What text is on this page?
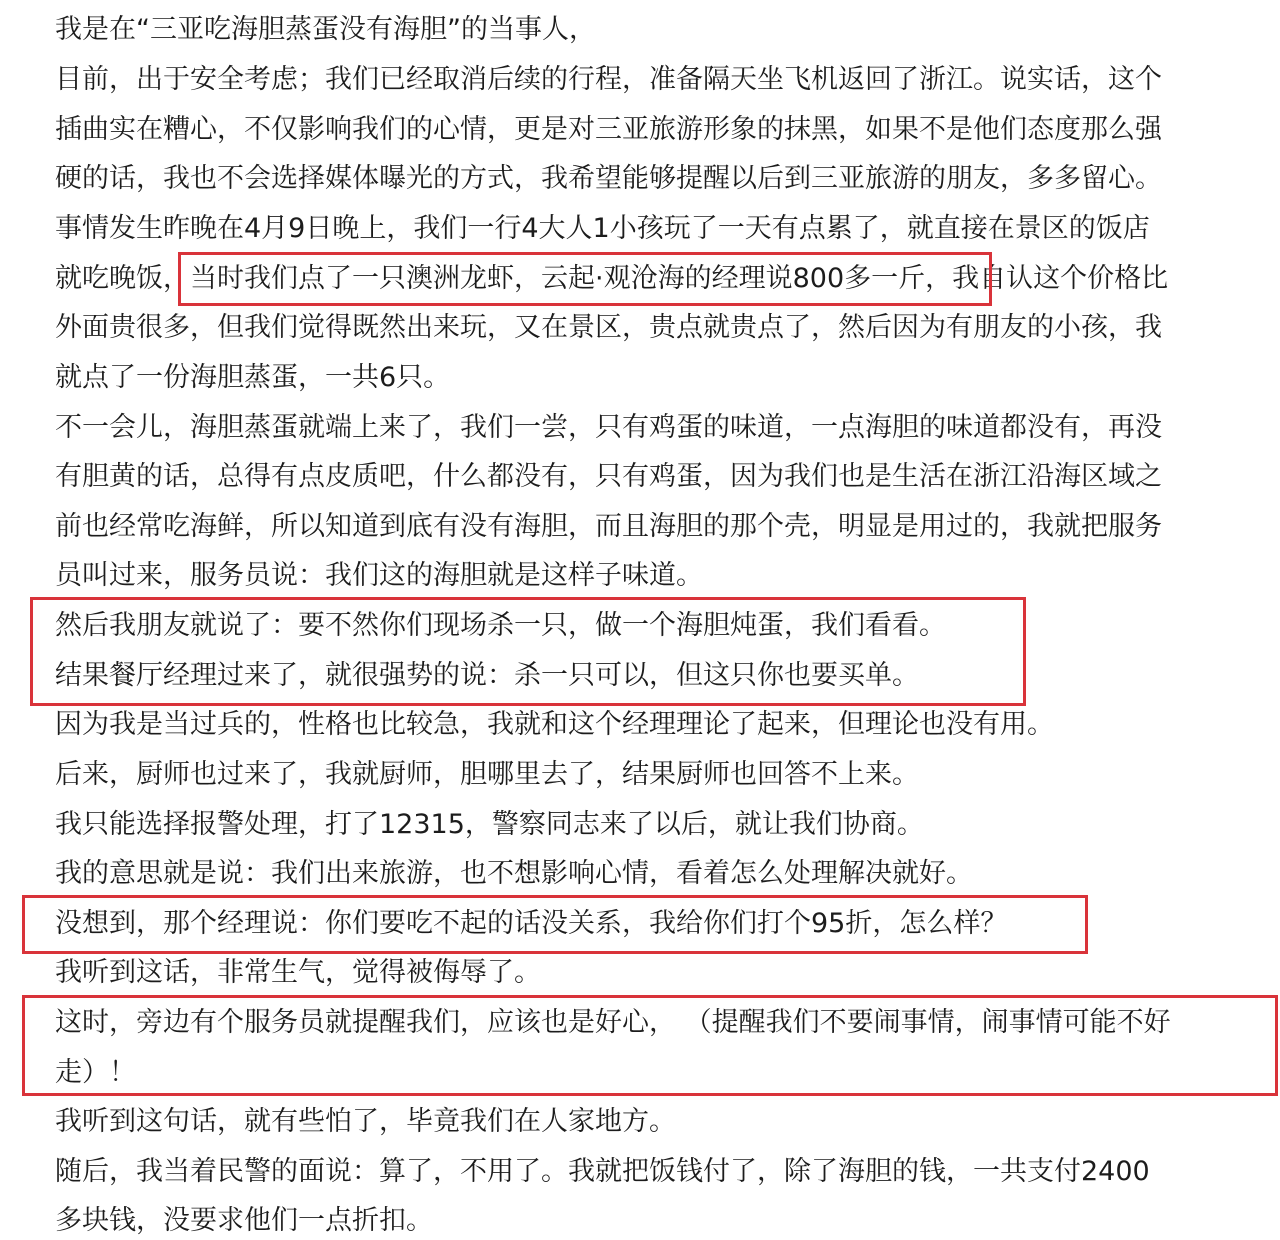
我是在“三亚吃海胆蒸蛋没有海胆”的当事人，
目前，出于安全考虑；我们已经取消后续的行程，准备隔天坐飞机返回了浙江。说实话，这个
插曲实在糟心，不仅影响我们的心情，更是对三亚旅游形象的抹黑，如果不是他们态度那么强
硬的话，我也不会选择媒体曝光的方式，我希望能够提醒以后到三亚旅游的朋友，多多留心。
事情发生昨晚在4月9日晚上，我们一行4大人1小孩玩了一天有点累了，就直接在景区的饭店
就吃晚饭，当时我们点了一只澳洲龙虾，云起·观沧海的经理说800多一斤，我自认这个价格比
外面贵很多，但我们觉得既然出来玩，又在景区，贵点就贵点了，然后因为有朋友的小孩，我
就点了一份海胆蒸蛋，一共6只。
不一会儿，海胆蒸蛋就端上来了，我们一尝，只有鸡蛋的味道，一点海胆的味道都没有，再没
有胆黄的话，总得有点皮质吧，什么都没有，只有鸡蛋，因为我们也是生活在浙江沿海区域之
前也经常吃海鲜，所以知道到底有没有海胆，而且海胆的那个壳，明显是用过的，我就把服务
员叫过来，服务员说：我们这的海胆就是这样子味道。
然后我朋友就说了：要不然你们现场杀一只，做一个海胆炖蛋，我们看看。
结果餐厅经理过来了，就很强势的说：杀一只可以，但这只你也要买单。
因为我是当过兵的，性格也比较急，我就和这个经理理论了起来，但理论也没有用。
后来，厨师也过来了，我就厨师，胆哪里去了，结果厨师也回答不上来。
我只能选择报警处理，打了12315，警察同志来了以后，就让我们协商。
我的意思就是说：我们出来旅游，也不想影响心情，看着怎么处理解决就好。
没想到，那个经理说：你们要吃不起的话没关系，我给你们打个95折，怎么样？
我听到这话，非常生气，觉得被侮辱了。
这时，旁边有个服务员就提醒我们，应该也是好心， （提醒我们不要闹事情，闹事情可能不好
走）！
我听到这句话，就有些怕了，毕竟我们在人家地方。
随后，我当着民警的面说：算了，不用了。我就把饭钱付了，除了海胆的钱，一共支付2400
多块钱，没要求他们一点折扣。
